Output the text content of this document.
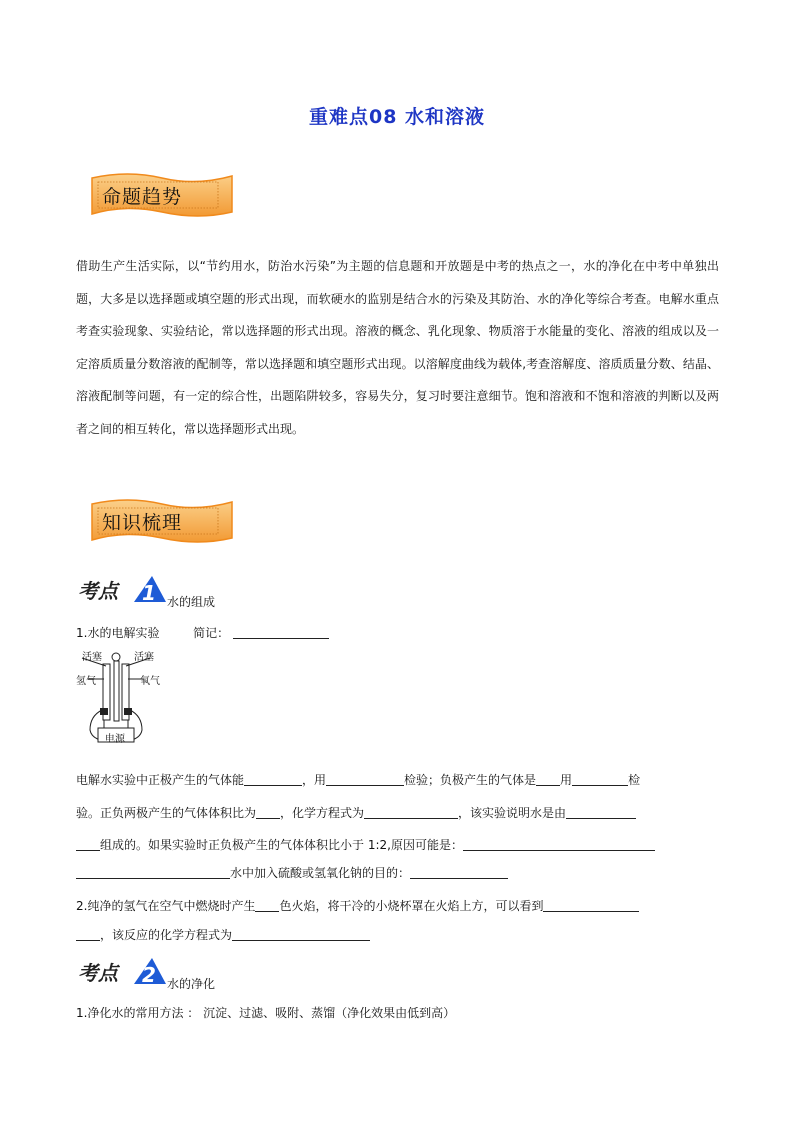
重难点08 水和溶液
命题趋势
借助生产生活实际，以“节约用水，防治水污染”为主题的信息题和开放题是中考的热点之一，水的净化在中考中单独出题，大多是以选择题或填空题的形式出现，而软硬水的监别是结合水的污染及其防治、水的净化等综合考查。电解水重点考查实验现象、实验结论，常以选择题的形式出现。溶液的概念、乳化现象、物质溶于水能量的变化、溶液的组成以及一定溶质质量分数溶液的配制等，常以选择题和填空题形式出现。以溶解度曲线为载体,考查溶解度、溶质质量分数、结晶、溶液配制等问题，有一定的综合性，出题陷阱较多，容易失分，复习时要注意细节。饱和溶液和不饱和溶液的判断以及两者之间的相互转化，常以选择题形式出现。
知识梳理
考点 1 水的组成
1.水的电解实验	简记：
活塞	活塞
氢气	氧气
电源
电解水实验中正极产生的气体能	，用	检验；负极产生的气体是 用	检
验。正负两极产生的气体体积比为 ，化学方程式为	，该实验说明水是由
组成的。如果实验时正负极产生的气体体积比小于 1:2,原因可能是：
水中加入硫酸或氢氧化钠的目的：
2.纯净的氢气在空气中燃烧时产生 色火焰，将干冷的小烧杯罩在火焰上方，可以看到
，该反应的化学方程式为
考点 2 水的净化
1.净化水的常用方法 ： 沉淀、过滤、吸附、蒸馏（净化效果由低到高）
